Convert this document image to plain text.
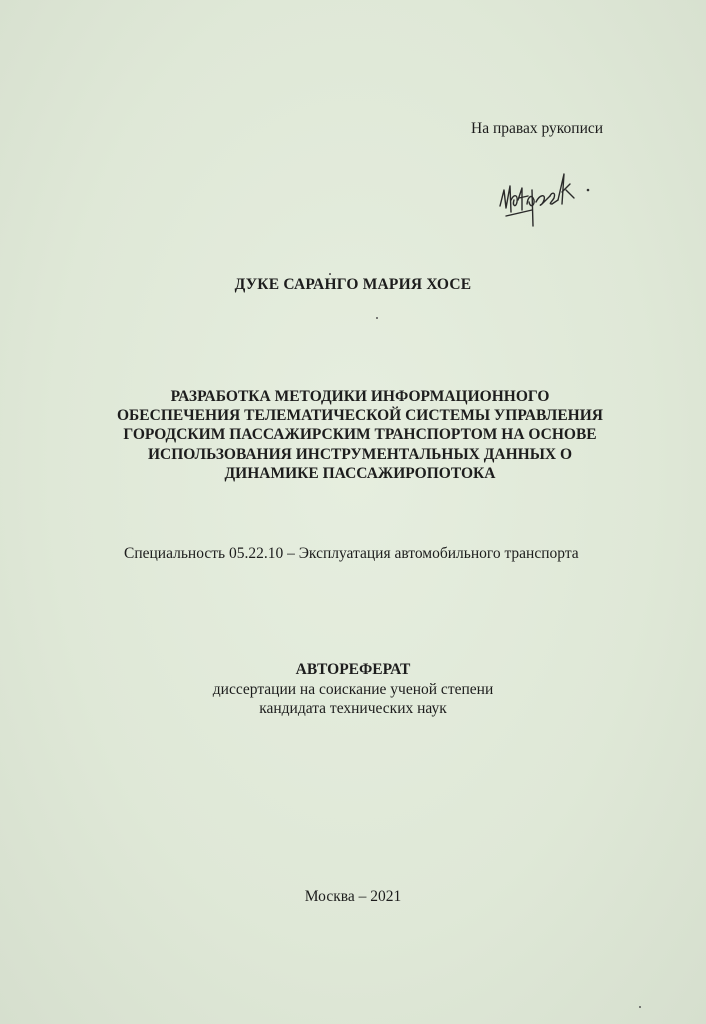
На правах рукописи
ДУКЕ САРАНГО МАРИЯ ХОСЕ
РАЗРАБОТКА МЕТОДИКИ ИНФОРМАЦИОННОГО
ОБЕСПЕЧЕНИЯ ТЕЛЕМАТИЧЕСКОЙ СИСТЕМЫ УПРАВЛЕНИЯ
ГОРОДСКИМ ПАССАЖИРСКИМ ТРАНСПОРТОМ НА ОСНОВЕ
ИСПОЛЬЗОВАНИЯ ИНСТРУМЕНТАЛЬНЫХ ДАННЫХ О
ДИНАМИКЕ ПАССАЖИРОПОТОКА
Специальность 05.22.10 – Эксплуатация автомобильного транспорта
АВТОРЕФЕРАТ
диссертации на соискание ученой степени
кандидата технических наук
Москва – 2021
